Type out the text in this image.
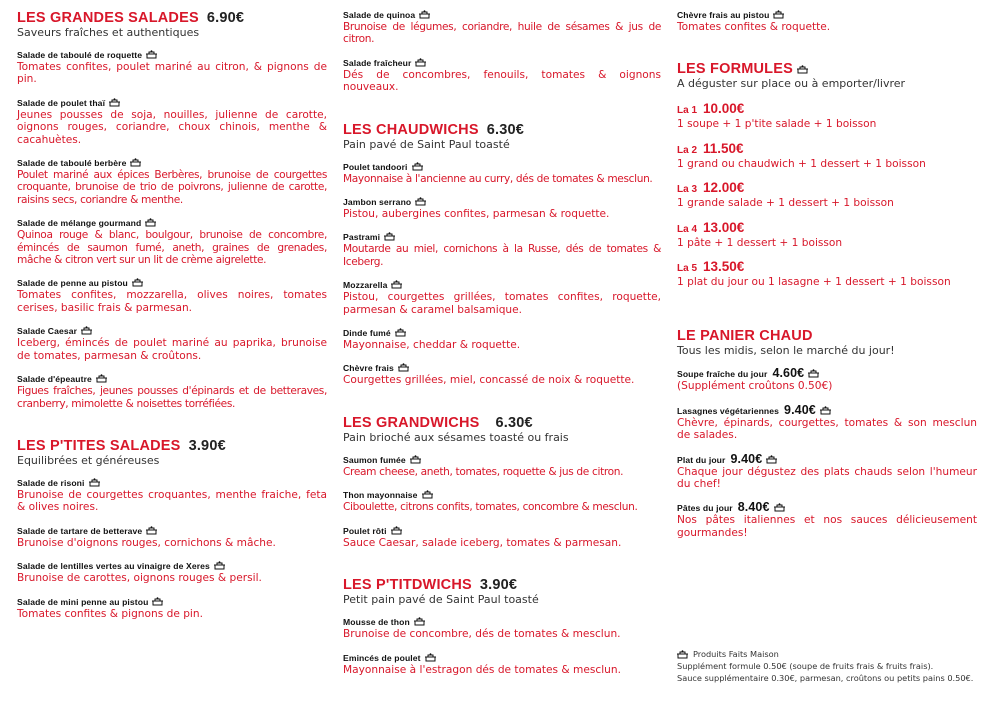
LES GRANDES SALADES 6.90€
Saveurs fraîches et authentiques
Salade de taboulé de roquette
Tomates confites, poulet mariné au citron, & pignons de pin.
Salade de poulet thaï
Jeunes pousses de soja, nouilles, julienne de carotte, oignons rouges, coriandre, choux chinois, menthe & cacahuètes.
Salade de taboulé berbère
Poulet mariné aux épices Berbères, brunoise de courgettes croquante, brunoise de trio de poivrons, julienne de carotte, raisins secs, coriandre & menthe.
Salade de mélange gourmand
Quinoa rouge & blanc, boulgour, brunoise de concombre, émincés de saumon fumé, aneth, graines de grenades, mâche & citron vert sur un lit de crème aigrelette.
Salade de penne au pistou
Tomates confites, mozzarella, olives noires, tomates cerises, basilic frais & parmesan.
Salade Caesar
Iceberg, émincés de poulet mariné au paprika, brunoise de tomates, parmesan & croûtons.
Salade d'épeautre
Figues fraîches, jeunes pousses d'épinards et de betteraves, cranberry, mimolette & noisettes torréfiées.
LES P'TITES SALADES 3.90€
Equilibrées et généreuses
Salade de risoni
Brunoise de courgettes croquantes, menthe fraiche, feta & olives noires.
Salade de tartare de betterave
Brunoise d'oignons rouges, cornichons & mâche.
Salade de lentilles vertes au vinaigre de Xeres
Brunoise de carottes, oignons rouges & persil.
Salade de mini penne au pistou
Tomates confites & pignons de pin.
Salade de quinoa
Brunoise de légumes, coriandre, huile de sésames & jus de citron.
Salade fraîcheur
Dés de concombres, fenouils, tomates & oignons nouveaux.
LES CHAUDWICHS 6.30€
Pain pavé de Saint Paul toasté
Poulet tandoori
Mayonnaise à l'ancienne au curry, dés de tomates & mesclun.
Jambon serrano
Pistou, aubergines confites, parmesan & roquette.
Pastrami
Moutarde au miel, cornichons à la Russe, dés de tomates & Iceberg.
Mozzarella
Pistou, courgettes grillées, tomates confites, roquette, parmesan & caramel balsamique.
Dinde fumé
Mayonnaise, cheddar & roquette.
Chèvre frais
Courgettes grillées, miel, concassé de noix & roquette.
LES GRANDWICHS 6.30€
Pain brioché aux sésames toasté ou frais
Saumon fumée
Cream cheese, aneth, tomates, roquette & jus de citron.
Thon mayonnaise
Ciboulette, citrons confits, tomates, concombre & mesclun.
Poulet rôti
Sauce Caesar, salade iceberg, tomates & parmesan.
LES P'TITDWICHS 3.90€
Petit pain pavé de Saint Paul toasté
Mousse de thon
Brunoise de concombre, dés de tomates & mesclun.
Emincés de poulet
Mayonnaise à l'estragon dés de tomates & mesclun.
Chèvre frais au pistou
Tomates confites & roquette.
LES FORMULES
A déguster sur place ou à emporter/livrer
La 1 10.00€
1 soupe + 1 p'tite salade + 1 boisson
La 2 11.50€
1 grand ou chaudwich + 1 dessert + 1 boisson
La 3 12.00€
1 grande salade + 1 dessert + 1 boisson
La 4 13.00€
1 pâte + 1 dessert + 1 boisson
La 5 13.50€
1 plat du jour ou 1 lasagne + 1 dessert + 1 boisson
LE PANIER CHAUD
Tous les midis, selon le marché du jour!
Soupe fraîche du jour 4.60€
(Supplément croûtons 0.50€)
Lasagnes végétariennes 9.40€
Chèvre, épinards, courgettes, tomates & son mesclun de salades.
Plat du jour 9.40€
Chaque jour dégustez des plats chauds selon l'humeur du chef!
Pâtes du jour 8.40€
Nos pâtes italiennes et nos sauces délicieusement gourmandes!
Produits Faits Maison
Supplément formule 0.50€ (soupe de fruits frais & fruits frais).
Sauce supplémentaire 0.30€, parmesan, croûtons ou petits pains 0.50€.
